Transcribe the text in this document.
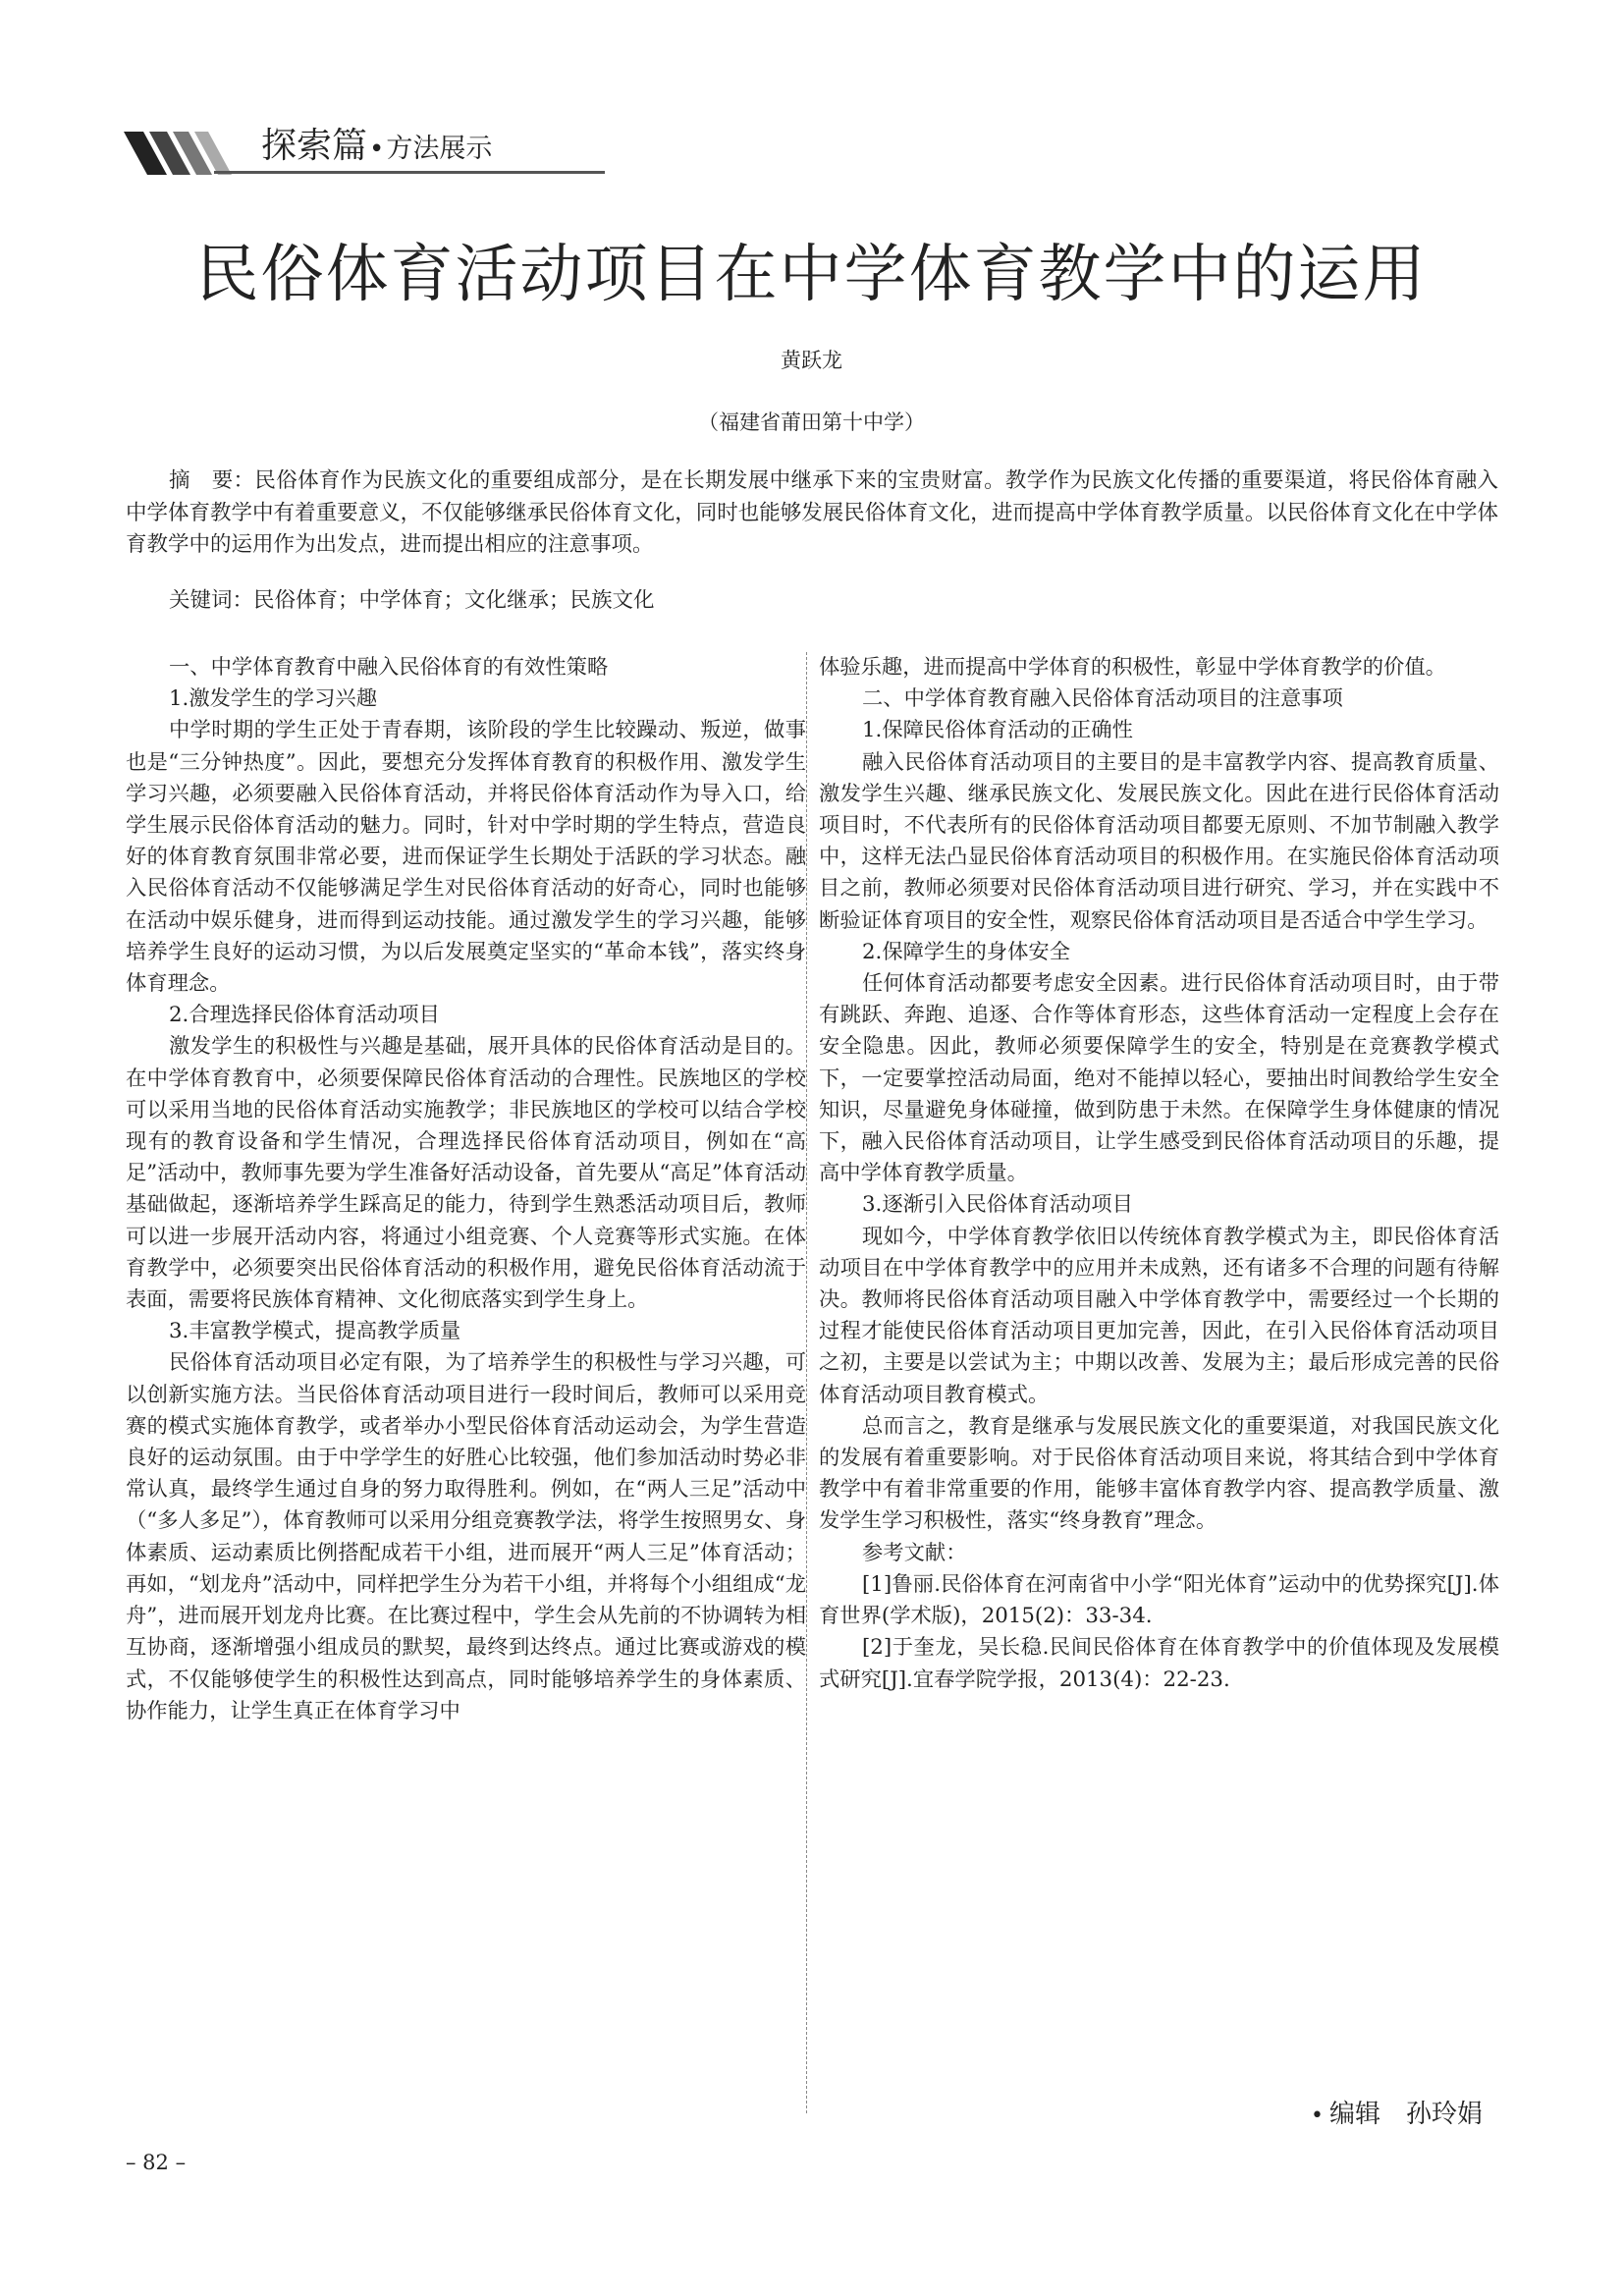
探索篇•方法展示
民俗体育活动项目在中学体育教学中的运用
黄跃龙
（福建省莆田第十中学）
摘　要：民俗体育作为民族文化的重要组成部分，是在长期发展中继承下来的宝贵财富。教学作为民族文化传播的重要渠道，将民俗体育融入中学体育教学中有着重要意义，不仅能够继承民俗体育文化，同时也能够发展民俗体育文化，进而提高中学体育教学质量。以民俗体育文化在中学体育教学中的运用作为出发点，进而提出相应的注意事项。
关键词：民俗体育；中学体育；文化继承；民族文化

一、中学体育教育中融入民俗体育的有效性策略

1.激发学生的学习兴趣

中学时期的学生正处于青春期，该阶段的学生比较躁动、叛逆，做事也是“三分钟热度”。因此，要想充分发挥体育教育的积极作用、激发学生学习兴趣，必须要融入民俗体育活动，并将民俗体育活动作为导入口，给学生展示民俗体育活动的魅力。同时，针对中学时期的学生特点，营造良好的体育教育氛围非常必要，进而保证学生长期处于活跃的学习状态。融入民俗体育活动不仅能够满足学生对民俗体育活动的好奇心，同时也能够在活动中娱乐健身，进而得到运动技能。通过激发学生的学习兴趣，能够培养学生良好的运动习惯，为以后发展奠定坚实的“革命本钱”，落实终身体育理念。

2.合理选择民俗体育活动项目

激发学生的积极性与兴趣是基础，展开具体的民俗体育活动是目的。在中学体育教育中，必须要保障民俗体育活动的合理性。民族地区的学校可以采用当地的民俗体育活动实施教学；非民族地区的学校可以结合学校现有的教育设备和学生情况，合理选择民俗体育活动项目，例如在“高足”活动中，教师事先要为学生准备好活动设备，首先要从“高足”体育活动基础做起，逐渐培养学生踩高足的能力，待到学生熟悉活动项目后，教师可以进一步展开活动内容，将通过小组竞赛、个人竞赛等形式实施。在体育教学中，必须要突出民俗体育活动的积极作用，避免民俗体育活动流于表面，需要将民族体育精神、文化彻底落实到学生身上。

3.丰富教学模式，提高教学质量

民俗体育活动项目必定有限，为了培养学生的积极性与学习兴趣，可以创新实施方法。当民俗体育活动项目进行一段时间后，教师可以采用竞赛的模式实施体育教学，或者举办小型民俗体育活动运动会，为学生营造良好的运动氛围。由于中学学生的好胜心比较强，他们参加活动时势必非常认真，最终学生通过自身的努力取得胜利。例如，在“两人三足”活动中（“多人多足”），体育教师可以采用分组竞赛教学法，将学生按照男女、身体素质、运动素质比例搭配成若干小组，进而展开“两人三足”体育活动；再如，“划龙舟”活动中，同样把学生分为若干小组，并将每个小组组成“龙舟”，进而展开划龙舟比赛。在比赛过程中，学生会从先前的不协调转为相互协商，逐渐增强小组成员的默契，最终到达终点。通过比赛或游戏的模式，不仅能够使学生的积极性达到高点，同时能够培养学生的身体素质、协作能力，让学生真正在体育学习中

体验乐趣，进而提高中学体育的积极性，彰显中学体育教学的价值。

二、中学体育教育融入民俗体育活动项目的注意事项

1.保障民俗体育活动的正确性

融入民俗体育活动项目的主要目的是丰富教学内容、提高教育质量、激发学生兴趣、继承民族文化、发展民族文化。因此在进行民俗体育活动项目时，不代表所有的民俗体育活动项目都要无原则、不加节制融入教学中，这样无法凸显民俗体育活动项目的积极作用。在实施民俗体育活动项目之前，教师必须要对民俗体育活动项目进行研究、学习，并在实践中不断验证体育项目的安全性，观察民俗体育活动项目是否适合中学生学习。

2.保障学生的身体安全

任何体育活动都要考虑安全因素。进行民俗体育活动项目时，由于带有跳跃、奔跑、追逐、合作等体育形态，这些体育活动一定程度上会存在安全隐患。因此，教师必须要保障学生的安全，特别是在竞赛教学模式下，一定要掌控活动局面，绝对不能掉以轻心，要抽出时间教给学生安全知识，尽量避免身体碰撞，做到防患于未然。在保障学生身体健康的情况下，融入民俗体育活动项目，让学生感受到民俗体育活动项目的乐趣，提高中学体育教学质量。

3.逐渐引入民俗体育活动项目

现如今，中学体育教学依旧以传统体育教学模式为主，即民俗体育活动项目在中学体育教学中的应用并未成熟，还有诸多不合理的问题有待解决。教师将民俗体育活动项目融入中学体育教学中，需要经过一个长期的过程才能使民俗体育活动项目更加完善，因此，在引入民俗体育活动项目之初，主要是以尝试为主；中期以改善、发展为主；最后形成完善的民俗体育活动项目教育模式。

总而言之，教育是继承与发展民族文化的重要渠道，对我国民族文化的发展有着重要影响。对于民俗体育活动项目来说，将其结合到中学体育教学中有着非常重要的作用，能够丰富体育教学内容、提高教学质量、激发学生学习积极性，落实“终身教育”理念。

参考文献：

[1]鲁丽.民俗体育在河南省中小学“阳光体育”运动中的优势探究[J].体育世界(学术版)，2015(2)：33-34.

[2]于奎龙，吴长稳.民间民俗体育在体育教学中的价值体现及发展模式研究[J].宜春学院学报，2013(4)：22-23.

• 编辑 孙玲娟
– 82 –
